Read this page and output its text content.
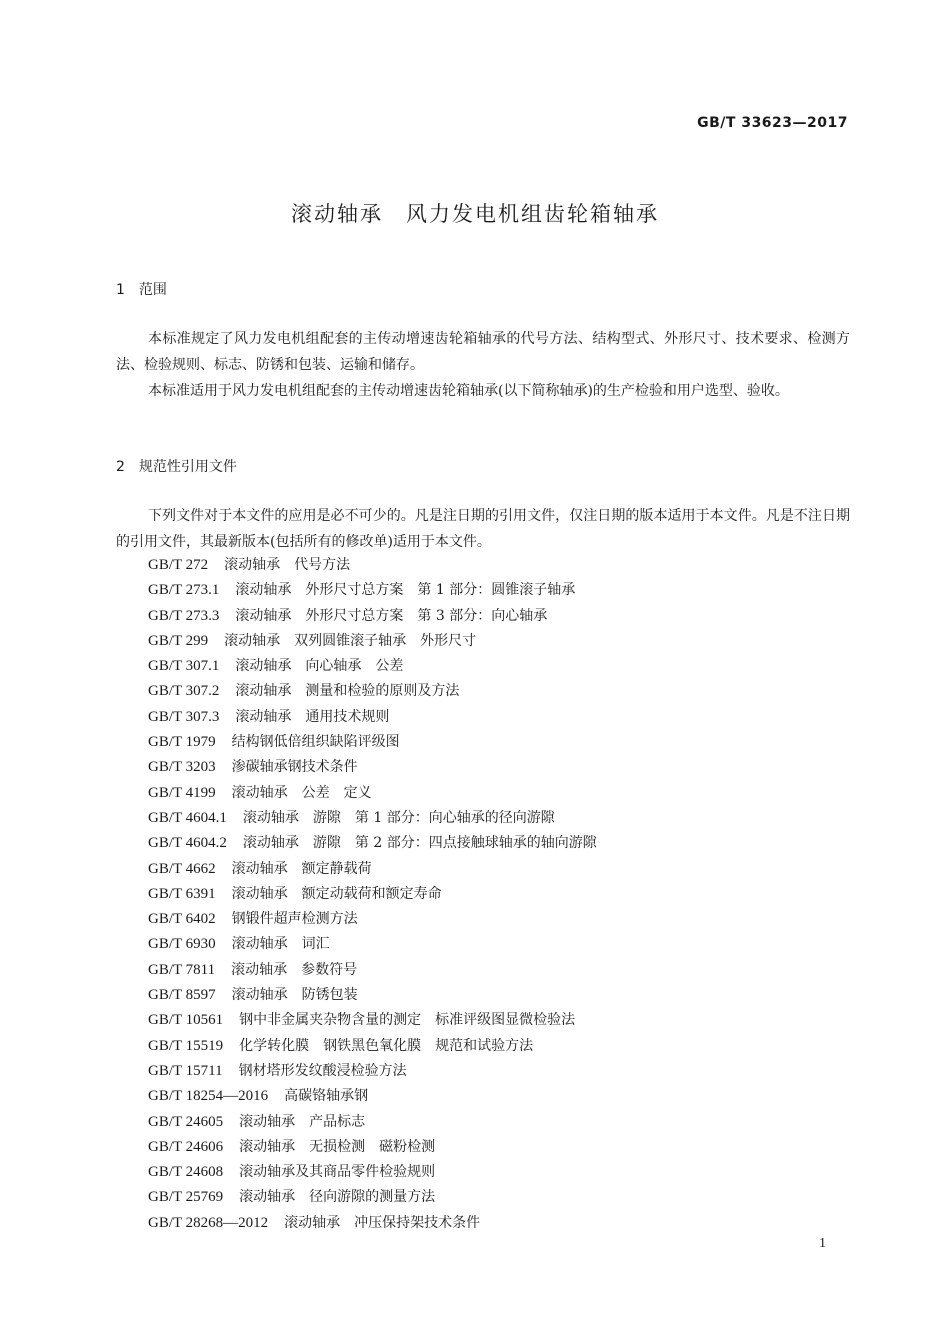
GB/T 33623—2017
滚动轴承　风力发电机组齿轮箱轴承
1　范围

本标准规定了风力发电机组配套的主传动增速齿轮箱轴承的代号方法、结构型式、外形尺寸、技术要求、检测方法、检验规则、标志、防锈和包装、运输和储存。

本标准适用于风力发电机组配套的主传动增速齿轮箱轴承(以下简称轴承)的生产检验和用户选型、验收。

2　规范性引用文件

下列文件对于本文件的应用是必不可少的。凡是注日期的引用文件，仅注日期的版本适用于本文件。凡是不注日期的引用文件，其最新版本(包括所有的修改单)适用于本文件。

GB/T 272 滚动轴承　代号方法
GB/T 273.1 滚动轴承　外形尺寸总方案　第 1 部分：圆锥滚子轴承
GB/T 273.3 滚动轴承　外形尺寸总方案　第 3 部分：向心轴承
GB/T 299 滚动轴承　双列圆锥滚子轴承　外形尺寸
GB/T 307.1 滚动轴承　向心轴承　公差
GB/T 307.2 滚动轴承　测量和检验的原则及方法
GB/T 307.3 滚动轴承　通用技术规则
GB/T 1979 结构钢低倍组织缺陷评级图
GB/T 3203 渗碳轴承钢技术条件
GB/T 4199 滚动轴承　公差　定义
GB/T 4604.1 滚动轴承　游隙　第 1 部分：向心轴承的径向游隙
GB/T 4604.2 滚动轴承　游隙　第 2 部分：四点接触球轴承的轴向游隙
GB/T 4662 滚动轴承　额定静载荷
GB/T 6391 滚动轴承　额定动载荷和额定寿命
GB/T 6402 钢锻件超声检测方法
GB/T 6930 滚动轴承　词汇
GB/T 7811 滚动轴承　参数符号
GB/T 8597 滚动轴承　防锈包装
GB/T 10561 钢中非金属夹杂物含量的测定　标准评级图显微检验法
GB/T 15519 化学转化膜　钢铁黑色氧化膜　规范和试验方法
GB/T 15711 钢材塔形发纹酸浸检验方法
GB/T 18254—2016 高碳铬轴承钢
GB/T 24605 滚动轴承　产品标志
GB/T 24606 滚动轴承　无损检测　磁粉检测
GB/T 24608 滚动轴承及其商品零件检验规则
GB/T 25769 滚动轴承　径向游隙的测量方法
GB/T 28268—2012 滚动轴承　冲压保持架技术条件
1
